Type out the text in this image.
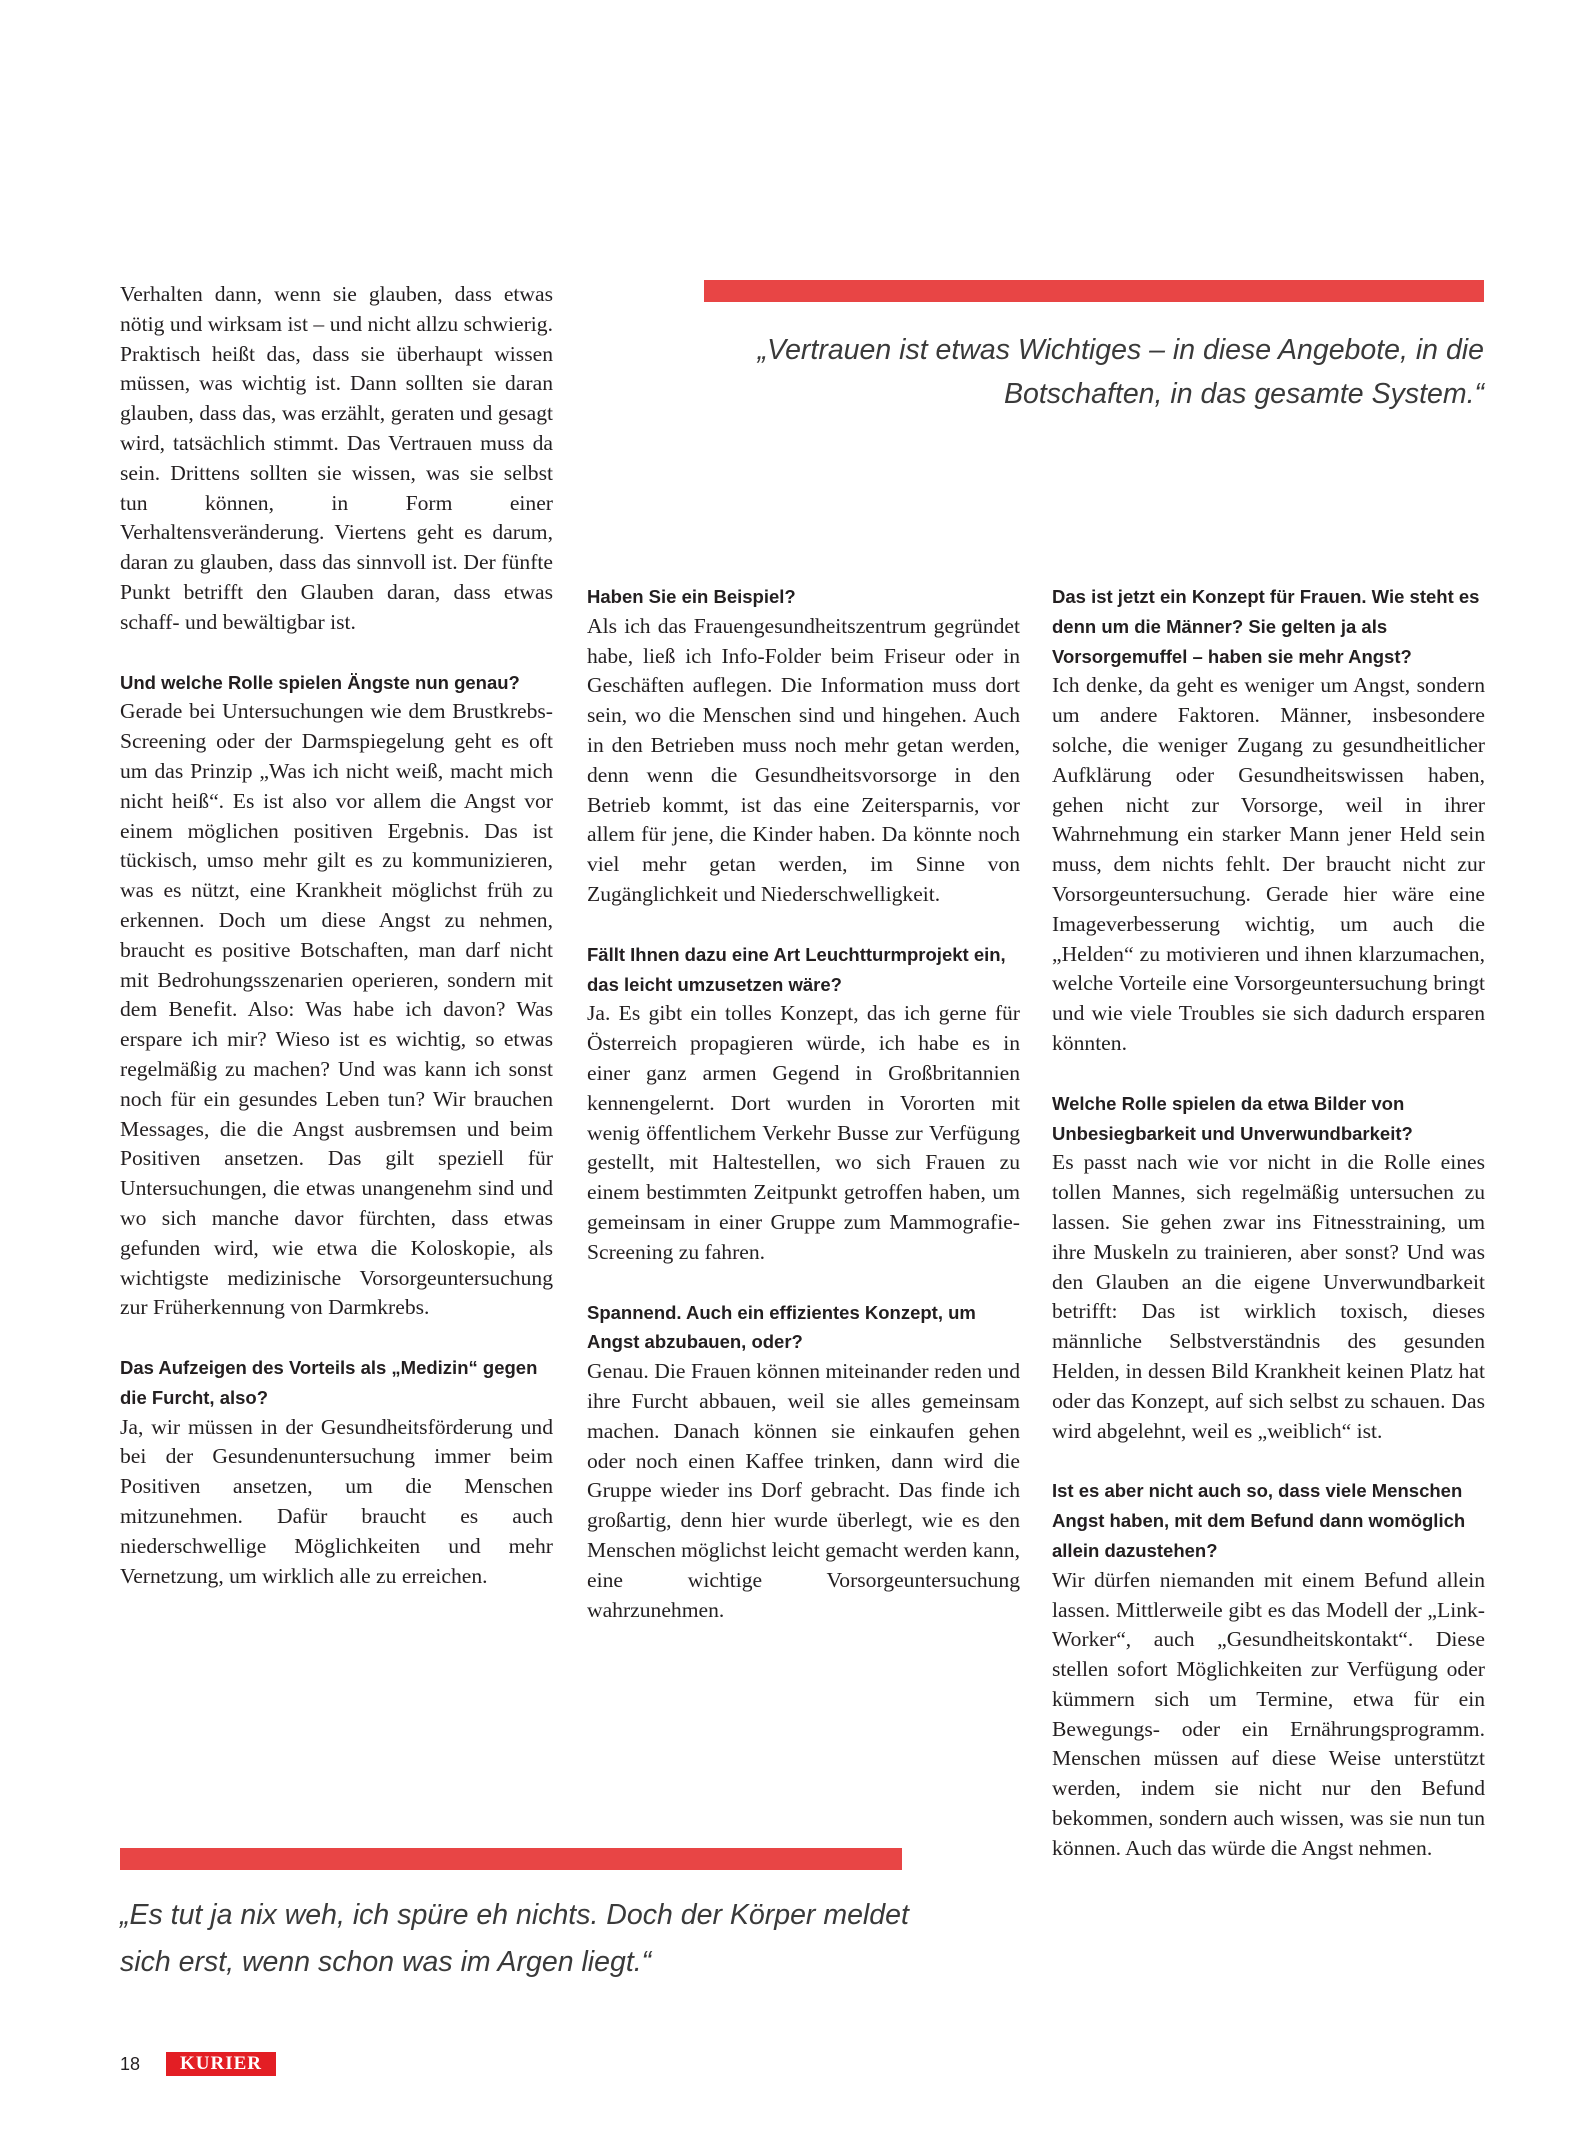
„Vertrauen ist etwas Wichtiges – in diese Angebote, in die Botschaften, in das gesamte System.“

Verhalten dann, wenn sie glauben, dass etwas nötig und wirksam ist – und nicht allzu schwierig. Praktisch heißt das, dass sie überhaupt wissen müssen, was wichtig ist. Dann sollten sie daran glauben, dass das, was erzählt, geraten und gesagt wird, tatsächlich stimmt. Das Vertrauen muss da sein. Drittens sollten sie wissen, was sie selbst tun können, in Form einer Verhaltensveränderung. Viertens geht es darum, daran zu glauben, dass das sinnvoll ist. Der fünfte Punkt betrifft den Glauben daran, dass etwas schaff- und bewältigbar ist.

Und welche Rolle spielen Ängste nun genau?

Gerade bei Untersuchungen wie dem Brustkrebs-Screening oder der Darmspiegelung geht es oft um das Prinzip „Was ich nicht weiß, macht mich nicht heiß“. Es ist also vor allem die Angst vor einem möglichen positiven Ergebnis. Das ist tückisch, umso mehr gilt es zu kommunizieren, was es nützt, eine Krankheit möglichst früh zu erkennen. Doch um diese Angst zu nehmen, braucht es positive Botschaften, man darf nicht mit Bedrohungsszenarien operieren, sondern mit dem Benefit. Also: Was habe ich davon? Was erspare ich mir? Wieso ist es wichtig, so etwas regelmäßig zu machen? Und was kann ich sonst noch für ein gesundes Leben tun? Wir brauchen Messages, die die Angst ausbremsen und beim Positiven ansetzen. Das gilt speziell für Untersuchungen, die etwas unangenehm sind und wo sich manche davor fürchten, dass etwas gefunden wird, wie etwa die Koloskopie, als wichtigste medizinische Vorsorgeuntersuchung zur Früherkennung von Darmkrebs.

Das Aufzeigen des Vorteils als „Medizin“ gegen die Furcht, also?

Ja, wir müssen in der Gesundheitsförderung und bei der Gesundenuntersuchung immer beim Positiven ansetzen, um die Menschen mitzunehmen. Dafür braucht es auch niederschwellige Möglichkeiten und mehr Vernetzung, um wirklich alle zu erreichen.

Haben Sie ein Beispiel?

Als ich das Frauengesundheitszentrum gegründet habe, ließ ich Info-Folder beim Friseur oder in Geschäften auflegen. Die Information muss dort sein, wo die Menschen sind und hingehen. Auch in den Betrieben muss noch mehr getan werden, denn wenn die Gesundheitsvorsorge in den Betrieb kommt, ist das eine Zeitersparnis, vor allem für jene, die Kinder haben. Da könnte noch viel mehr getan werden, im Sinne von Zugänglichkeit und Niederschwelligkeit.

Fällt Ihnen dazu eine Art Leuchtturmprojekt ein, das leicht umzusetzen wäre?

Ja. Es gibt ein tolles Konzept, das ich gerne für Österreich propagieren würde, ich habe es in einer ganz armen Gegend in Großbritannien kennengelernt. Dort wurden in Vororten mit wenig öffentlichem Verkehr Busse zur Verfügung gestellt, mit Haltestellen, wo sich Frauen zu einem bestimmten Zeitpunkt getroffen haben, um gemeinsam in einer Gruppe zum Mammografie-Screening zu fahren.

Spannend. Auch ein effizientes Konzept, um Angst abzubauen, oder?

Genau. Die Frauen können miteinander reden und ihre Furcht abbauen, weil sie alles gemeinsam machen. Danach können sie einkaufen gehen oder noch einen Kaffee trinken, dann wird die Gruppe wieder ins Dorf gebracht. Das finde ich großartig, denn hier wurde überlegt, wie es den Menschen möglichst leicht gemacht werden kann, eine wichtige Vorsorgeuntersuchung wahrzunehmen.

Das ist jetzt ein Konzept für Frauen. Wie steht es denn um die Männer? Sie gelten ja als Vorsorgemuffel – haben sie mehr Angst?

Ich denke, da geht es weniger um Angst, sondern um andere Faktoren. Männer, insbesondere solche, die weniger Zugang zu gesundheitlicher Aufklärung oder Gesundheitswissen haben, gehen nicht zur Vorsorge, weil in ihrer Wahrnehmung ein starker Mann jener Held sein muss, dem nichts fehlt. Der braucht nicht zur Vorsorgeuntersuchung. Gerade hier wäre eine Imageverbesserung wichtig, um auch die „Helden“ zu motivieren und ihnen klarzumachen, welche Vorteile eine Vorsorgeuntersuchung bringt und wie viele Troubles sie sich dadurch ersparen könnten.

Welche Rolle spielen da etwa Bilder von Unbesiegbarkeit und Unverwundbarkeit?

Es passt nach wie vor nicht in die Rolle eines tollen Mannes, sich regelmäßig untersuchen zu lassen. Sie gehen zwar ins Fitnesstraining, um ihre Muskeln zu trainieren, aber sonst? Und was den Glauben an die eigene Unverwundbarkeit betrifft: Das ist wirklich toxisch, dieses männliche Selbstverständnis des gesunden Helden, in dessen Bild Krankheit keinen Platz hat oder das Konzept, auf sich selbst zu schauen. Das wird abgelehnt, weil es „weiblich“ ist.

Ist es aber nicht auch so, dass viele Menschen Angst haben, mit dem Befund dann womöglich allein dazustehen?

Wir dürfen niemanden mit einem Befund allein lassen. Mittlerweile gibt es das Modell der „Link-Worker“, auch „Gesundheitskontakt“. Diese stellen sofort Möglichkeiten zur Verfügung oder kümmern sich um Termine, etwa für ein Bewegungs- oder ein Ernährungsprogramm. Menschen müssen auf diese Weise unterstützt werden, indem sie nicht nur den Befund bekommen, sondern auch wissen, was sie nun tun können. Auch das würde die Angst nehmen.

„Es tut ja nix weh, ich spüre eh nichts. Doch der Körper meldet sich erst, wenn schon was im Argen liegt.“

18	KURIER
